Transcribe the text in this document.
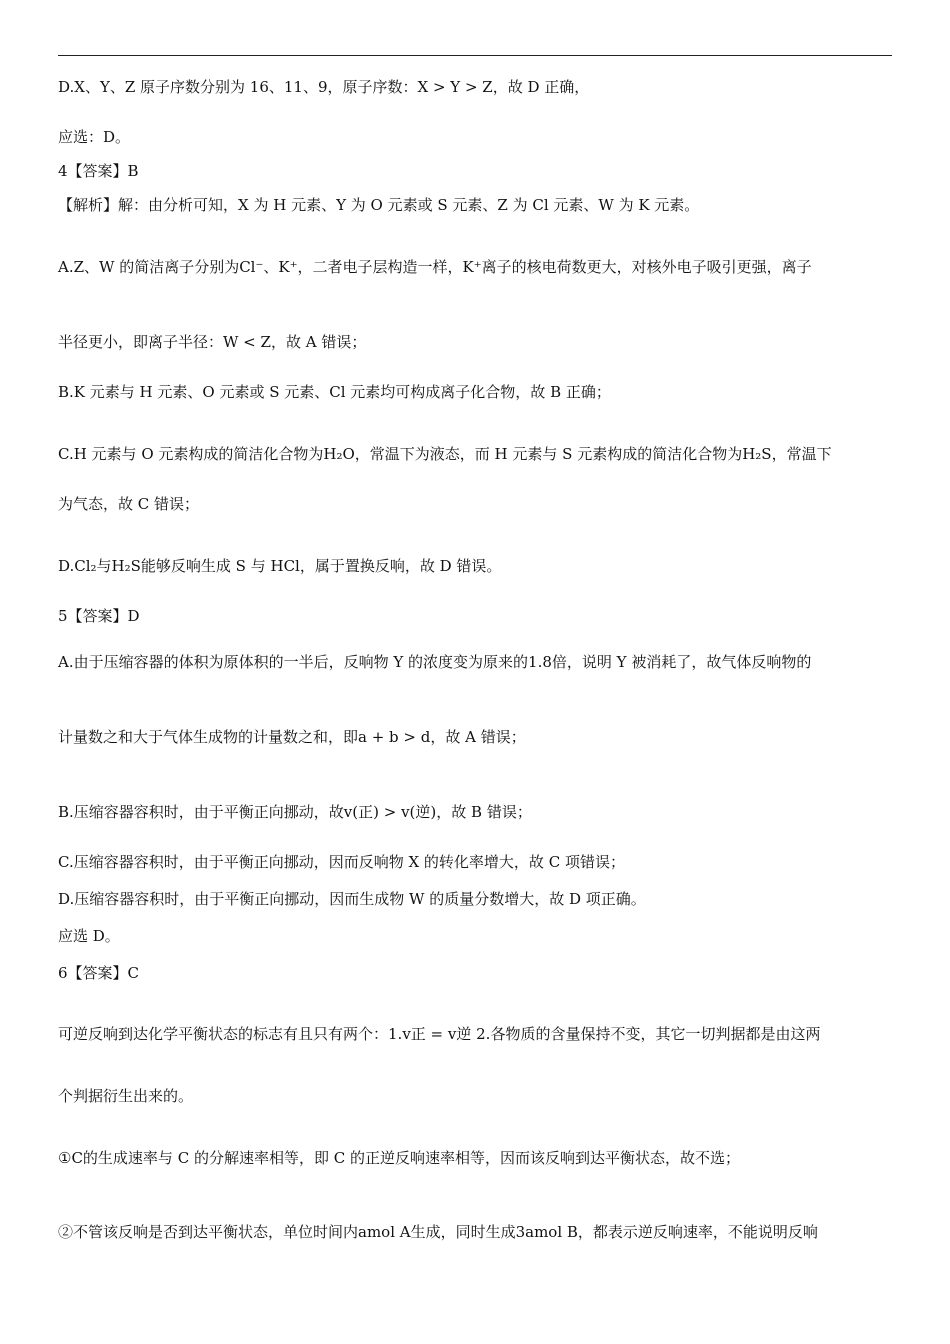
D.X、Y、Z 原子序数分别为 16、11、9，原子序数：X > Y > Z，故 D 正确，
应选：D。
4【答案】B
【解析】解：由分析可知，X 为 H 元素、Y 为 O 元素或 S 元素、Z 为 Cl 元素、W 为 K 元素。
A.Z、W 的简洁离子分别为Cl⁻、K⁺，二者电子层构造一样，K⁺离子的核电荷数更大，对核外电子吸引更强，离子
半径更小，即离子半径：W < Z，故 A 错误；
B.K 元素与 H 元素、O 元素或 S 元素、Cl 元素均可构成离子化合物，故 B 正确；
C.H 元素与 O 元素构成的简洁化合物为H₂O，常温下为液态，而 H 元素与 S 元素构成的简洁化合物为H₂S，常温下
为气态，故 C 错误；
D.Cl₂与H₂S能够反响生成 S 与 HCl，属于置换反响，故 D 错误。
5【答案】D
A.由于压缩容器的体积为原体积的一半后，反响物 Y 的浓度变为原来的1.8倍，说明 Y 被消耗了，故气体反响物的
计量数之和大于气体生成物的计量数之和，即a + b > d，故 A 错误；
B.压缩容器容积时，由于平衡正向挪动，故v(正) > v(逆)，故 B 错误；
C.压缩容器容积时，由于平衡正向挪动，因而反响物 X 的转化率增大，故 C 项错误；
D.压缩容器容积时，由于平衡正向挪动，因而生成物 W 的质量分数增大，故 D 项正确。
应选 D。
6【答案】C
可逆反响到达化学平衡状态的标志有且只有两个：1.v正 = v逆 2.各物质的含量保持不变，其它一切判据都是由这两
个判据衍生出来的。
①C的生成速率与 C 的分解速率相等，即 C 的正逆反响速率相等，因而该反响到达平衡状态，故不选；
②不管该反响是否到达平衡状态，单位时间内amol A生成，同时生成3amol B，都表示逆反响速率，不能说明反响
